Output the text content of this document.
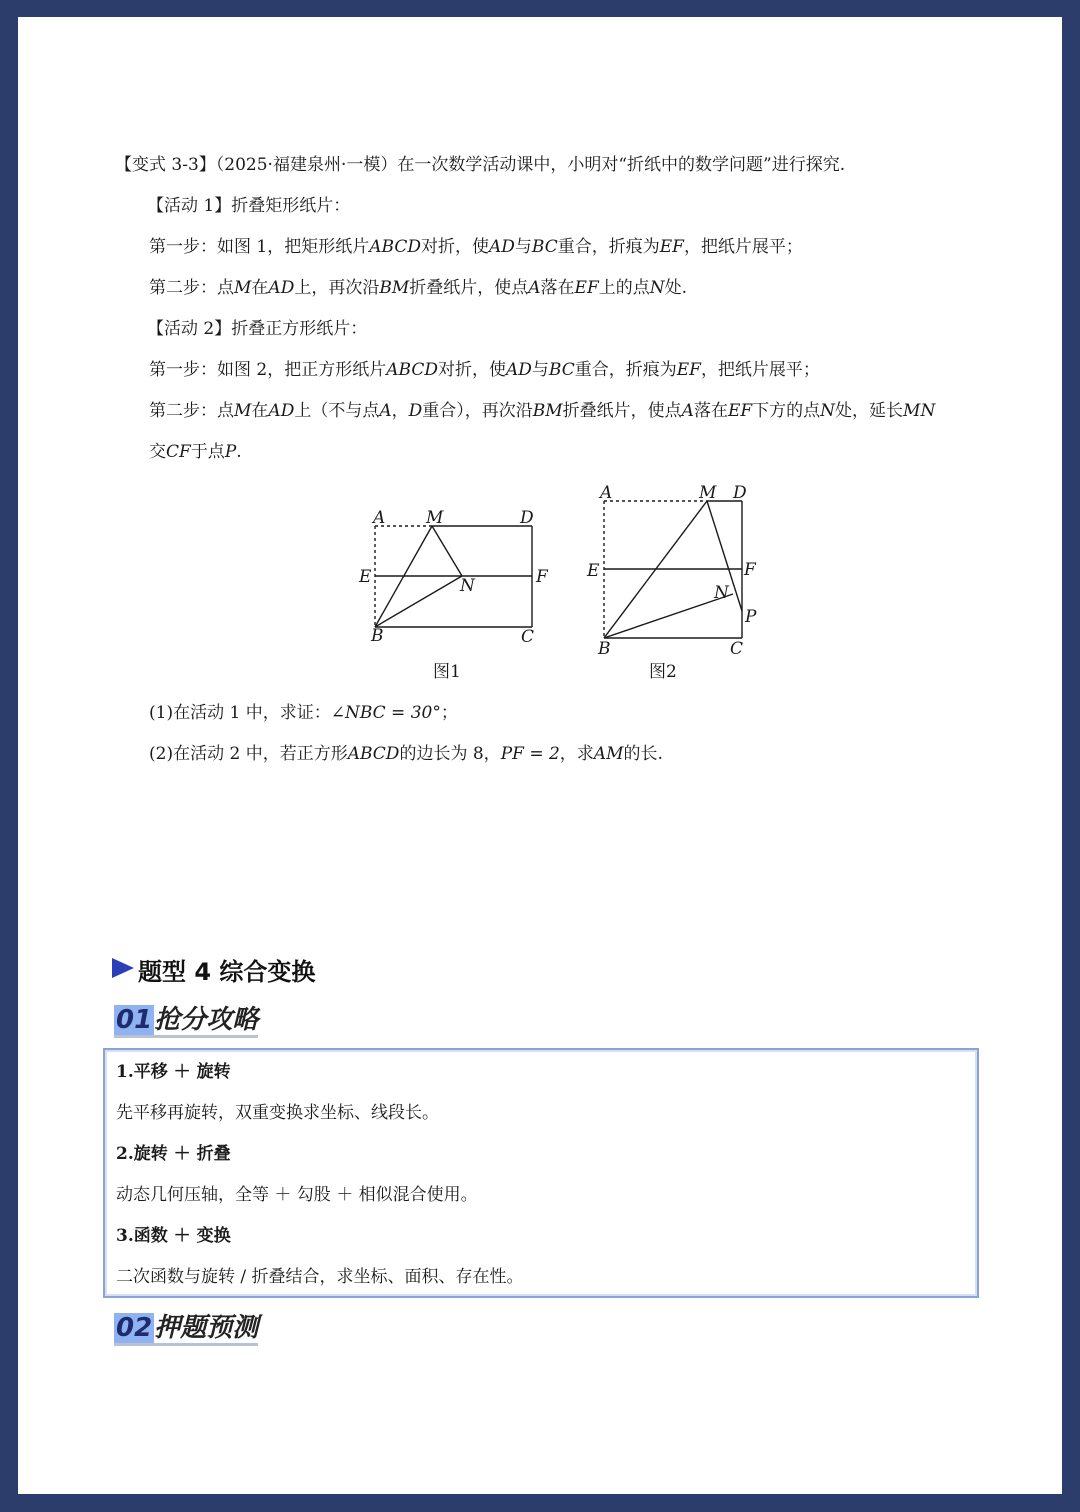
【变式 3-3】（2025·福建泉州·一模）在一次数学活动课中，小明对“折纸中的数学问题”进行探究.
【活动 1】折叠矩形纸片：
第一步：如图 1，把矩形纸片ABCD对折，使AD与BC重合，折痕为EF，把纸片展平；
第二步：点M在AD上，再次沿BM折叠纸片，使点A落在EF上的点N处.
【活动 2】折叠正方形纸片：
第一步：如图 2，把正方形纸片ABCD对折，使AD与BC重合，折痕为EF，把纸片展平；
第二步：点M在AD上（不与点A，D重合），再次沿BM折叠纸片，使点A落在EF下方的点N处，延长MN
交CF于点P.
A M	D
E	N	F
B	C
A	M D
E	F
N
P
B	C
图1	图2
(1)在活动 1 中，求证：∠NBC = 30°；
(2)在活动 2 中，若正方形ABCD的边长为 8，PF = 2，求AM的长.
题型 4 综合变换
01抢分攻略
1.平移 ＋ 旋转
先平移再旋转，双重变换求坐标、线段长。
2.旋转 ＋ 折叠
动态几何压轴，全等 ＋ 勾股 ＋ 相似混合使用。
3.函数 ＋ 变换
二次函数与旋转 / 折叠结合，求坐标、面积、存在性。
02押题预测
